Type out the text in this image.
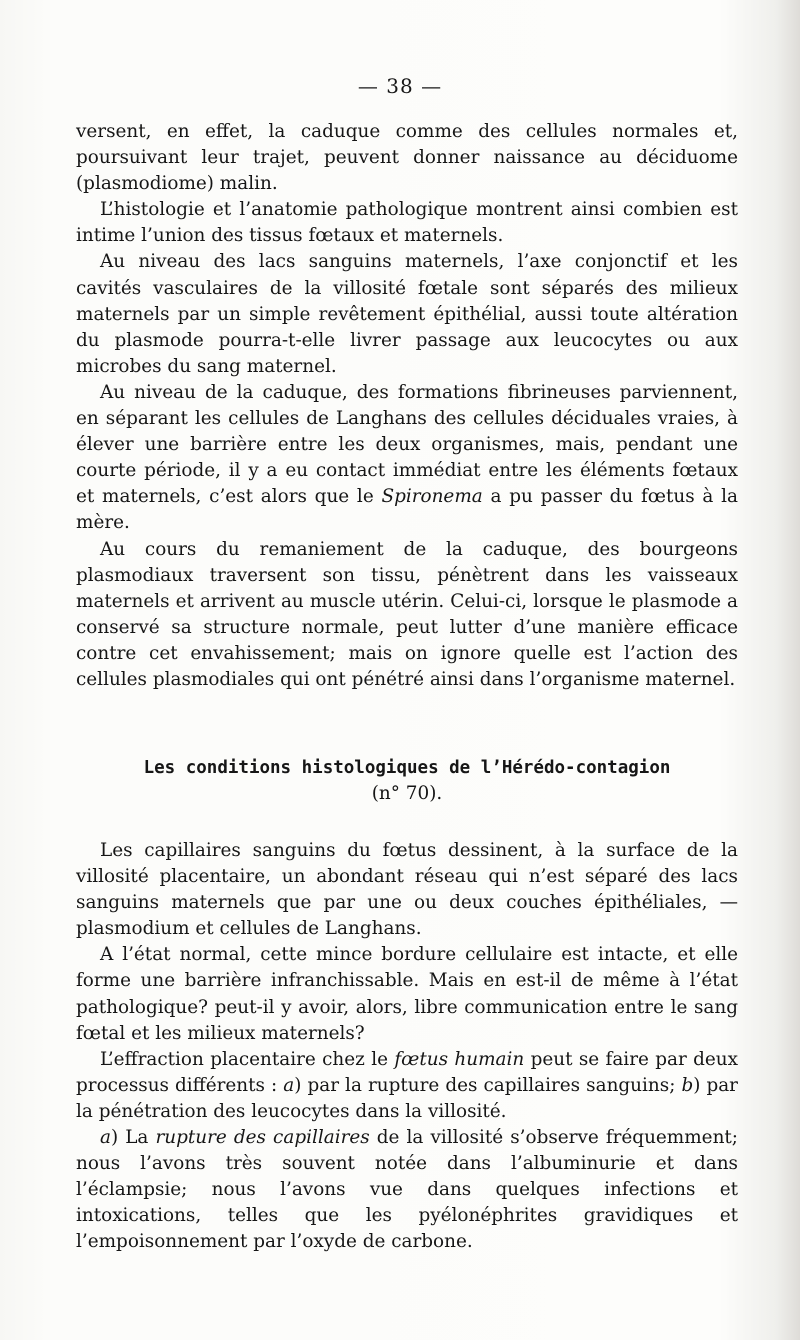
— 38 —

versent, en effet, la caduque comme des cellules normales et, poursuivant leur trajet, peuvent donner naissance au déciduome (plasmodiome) malin.

L’histologie et l’anatomie pathologique montrent ainsi combien est intime l’union des tissus fœtaux et maternels.

Au niveau des lacs sanguins maternels, l’axe conjonctif et les cavités vasculaires de la villosité fœtale sont séparés des milieux maternels par un simple revêtement épithélial, aussi toute altération du plasmode pourra-t-elle livrer passage aux leucocytes ou aux microbes du sang maternel.

Au niveau de la caduque, des formations fibrineuses parviennent, en séparant les cellules de Langhans des cellules déciduales vraies, à élever une barrière entre les deux organismes, mais, pendant une courte période, il y a eu contact immédiat entre les éléments fœtaux et maternels, c’est alors que le Spironema a pu passer du fœtus à la mère.

Au cours du remaniement de la caduque, des bourgeons plasmodiaux traversent son tissu, pénètrent dans les vaisseaux maternels et arrivent au muscle utérin. Celui-ci, lorsque le plasmode a conservé sa structure normale, peut lutter d’une manière efficace contre cet envahissement; mais on ignore quelle est l’action des cellules plasmodiales qui ont pénétré ainsi dans l’organisme maternel.

Les conditions histologiques de l’Hérédo-contagion
(n° 70).

Les capillaires sanguins du fœtus dessinent, à la surface de la villosité placentaire, un abondant réseau qui n’est séparé des lacs sanguins maternels que par une ou deux couches épithéliales, — plasmodium et cellules de Langhans.

A l’état normal, cette mince bordure cellulaire est intacte, et elle forme une barrière infranchissable. Mais en est-il de même à l’état pathologique? peut-il y avoir, alors, libre communication entre le sang fœtal et les milieux maternels?

L’effraction placentaire chez le fœtus humain peut se faire par deux processus différents : a) par la rupture des capillaires sanguins; b) par la pénétration des leucocytes dans la villosité.

a) La rupture des capillaires de la villosité s’observe fréquemment; nous l’avons très souvent notée dans l’albuminurie et dans l’éclampsie; nous l’avons vue dans quelques infections et intoxications, telles que les pyélonéphrites gravidiques et l’empoisonnement par l’oxyde de carbone.
